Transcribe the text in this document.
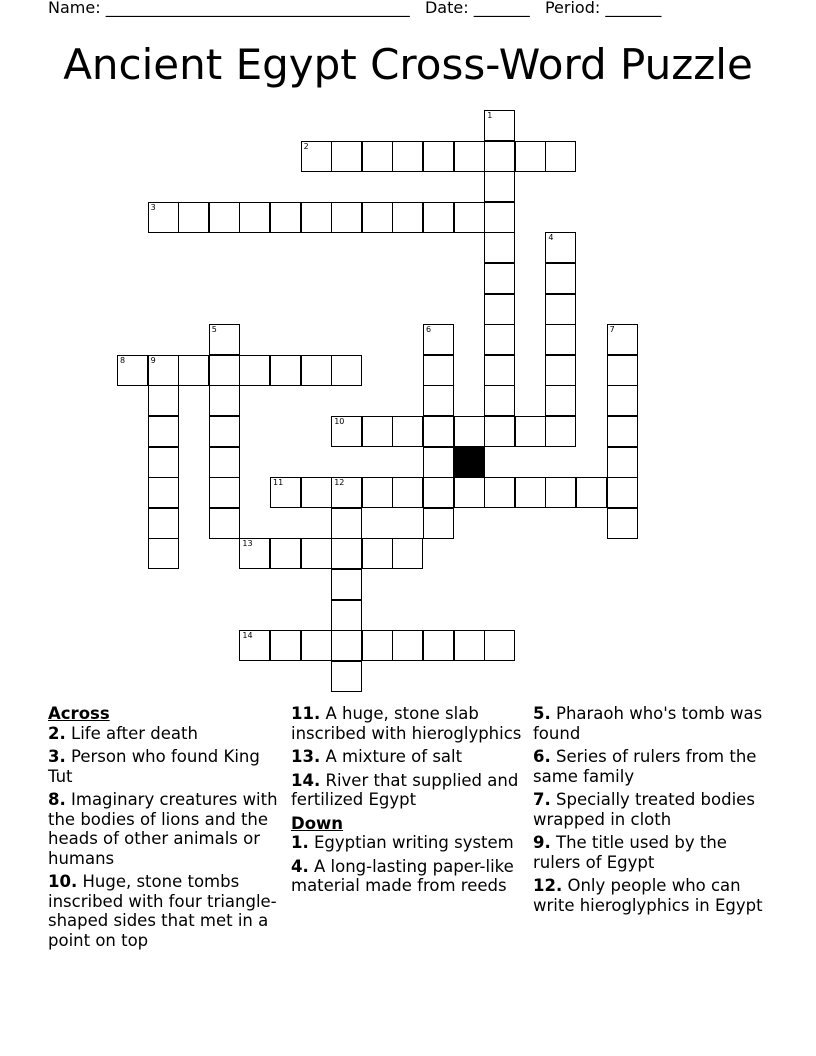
Name: ______________________________________ Date: _______ Period: _______
Ancient Egypt Cross-Word Puzzle
2
3
8	9
10
11	12
13
14
1
4
5	6	7
Across
2. Life after death
3. Person who found King Tut
8. Imaginary creatures with the bodies of lions and the heads of other animals or humans
10. Huge, stone tombs inscribed with four triangle-shaped sides that met in a point on top
11. A huge, stone slab inscribed with hieroglyphics
13. A mixture of salt
14. River that supplied and fertilized Egypt
Down
1. Egyptian writing system
4. A long-lasting paper-like material made from reeds
5. Pharaoh who's tomb was found
6. Series of rulers from the same family
7. Specially treated bodies wrapped in cloth
9. The title used by the rulers of Egypt
12. Only people who can write hieroglyphics in Egypt
